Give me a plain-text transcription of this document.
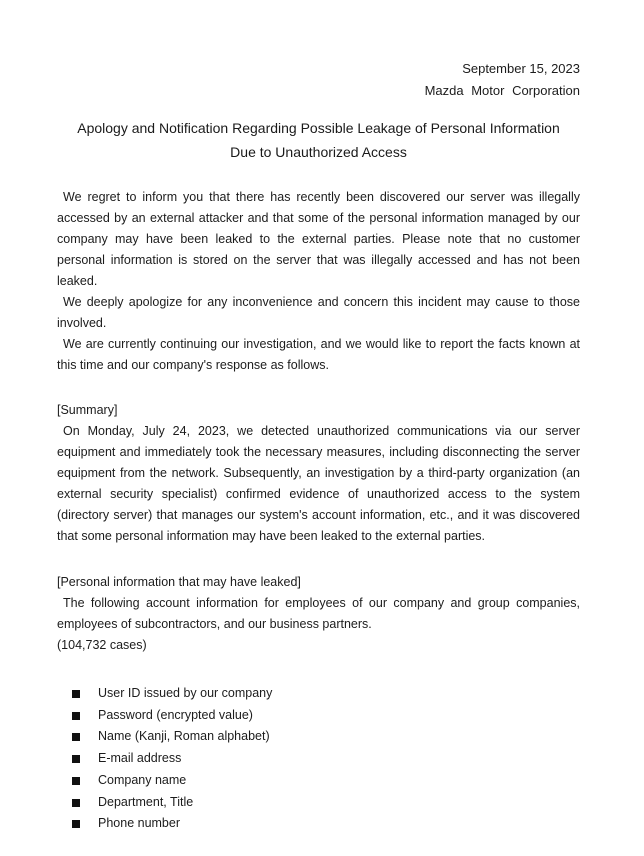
September 15, 2023
Mazda Motor Corporation
Apology and Notification Regarding Possible Leakage of Personal Information
Due to Unauthorized Access

We regret to inform you that there has recently been discovered our server was illegally accessed by an external attacker and that some of the personal information managed by our company may have been leaked to the external parties. Please note that no customer personal information is stored on the server that was illegally accessed and has not been leaked.

We deeply apologize for any inconvenience and concern this incident may cause to those involved.

We are currently continuing our investigation, and we would like to report the facts known at this time and our company's response as follows.

[Summary]

On Monday, July 24, 2023, we detected unauthorized communications via our server equipment and immediately took the necessary measures, including disconnecting the server equipment from the network. Subsequently, an investigation by a third-party organization (an external security specialist) confirmed evidence of unauthorized access to the system (directory server) that manages our system's account information, etc., and it was discovered that some personal information may have been leaked to the external parties.

[Personal information that may have leaked]

The following account information for employees of our company and group companies, employees of subcontractors, and our business partners.

(104,732 cases)
User ID issued by our company
Password (encrypted value)
Name (Kanji, Roman alphabet)
E-mail address
Company name
Department, Title
Phone number
